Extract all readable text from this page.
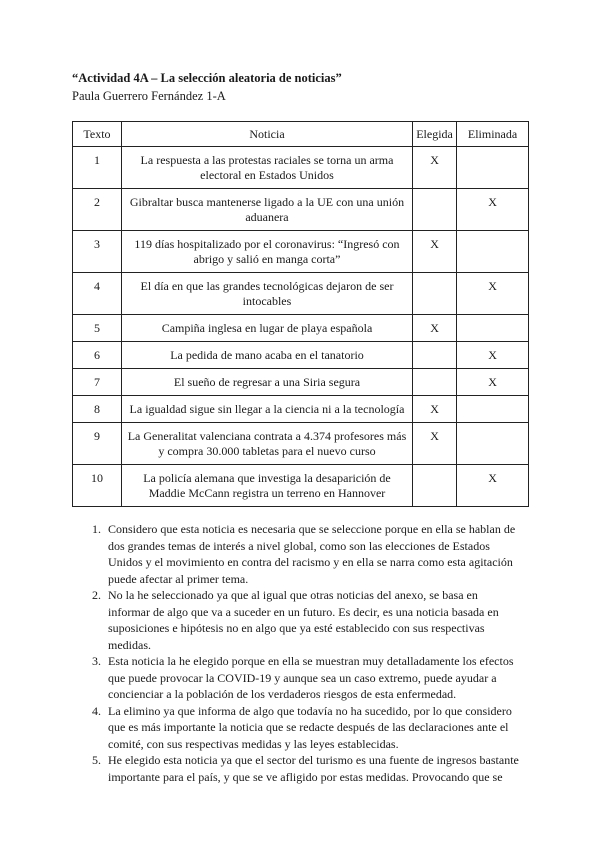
“Actividad 4A – La selección aleatoria de noticias”
Paula Guerrero Fernández 1-A
Texto	Noticia	Elegida	Eliminada
1	La respuesta a las protestas raciales se torna un arma electoral en Estados Unidos	X	
2	Gibraltar busca mantenerse ligado a la UE con una unión aduanera		X
3	119 días hospitalizado por el coronavirus: “Ingresó con abrigo y salió en manga corta”	X	
4	El día en que las grandes tecnológicas dejaron de ser intocables		X
5	Campiña inglesa en lugar de playa española	X	
6	La pedida de mano acaba en el tanatorio		X
7	El sueño de regresar a una Siria segura		X
8	La igualdad sigue sin llegar a la ciencia ni a la tecnología	X	
9	La Generalitat valenciana contrata a 4.374 profesores más y compra 30.000 tabletas para el nuevo curso	X	
10	La policía alemana que investiga la desaparición de Maddie McCann registra un terreno en Hannover		X
1. Considero que esta noticia es necesaria que se seleccione porque en ella se hablan de dos grandes temas de interés a nivel global, como son las elecciones de Estados Unidos y el movimiento en contra del racismo y en ella se narra como esta agitación puede afectar al primer tema.
2. No la he seleccionado ya que al igual que otras noticias del anexo, se basa en informar de algo que va a suceder en un futuro. Es decir, es una noticia basada en suposiciones e hipótesis no en algo que ya esté establecido con sus respectivas medidas.
3. Esta noticia la he elegido porque en ella se muestran muy detalladamente los efectos que puede provocar la COVID-19 y aunque sea un caso extremo, puede ayudar a concienciar a la población de los verdaderos riesgos de esta enfermedad.
4. La elimino ya que informa de algo que todavía no ha sucedido, por lo que considero que es más importante la noticia que se redacte después de las declaraciones ante el comité, con sus respectivas medidas y las leyes establecidas.
5. He elegido esta noticia ya que el sector del turismo es una fuente de ingresos bastante importante para el país, y que se ve afligido por estas medidas. Provocando que se
